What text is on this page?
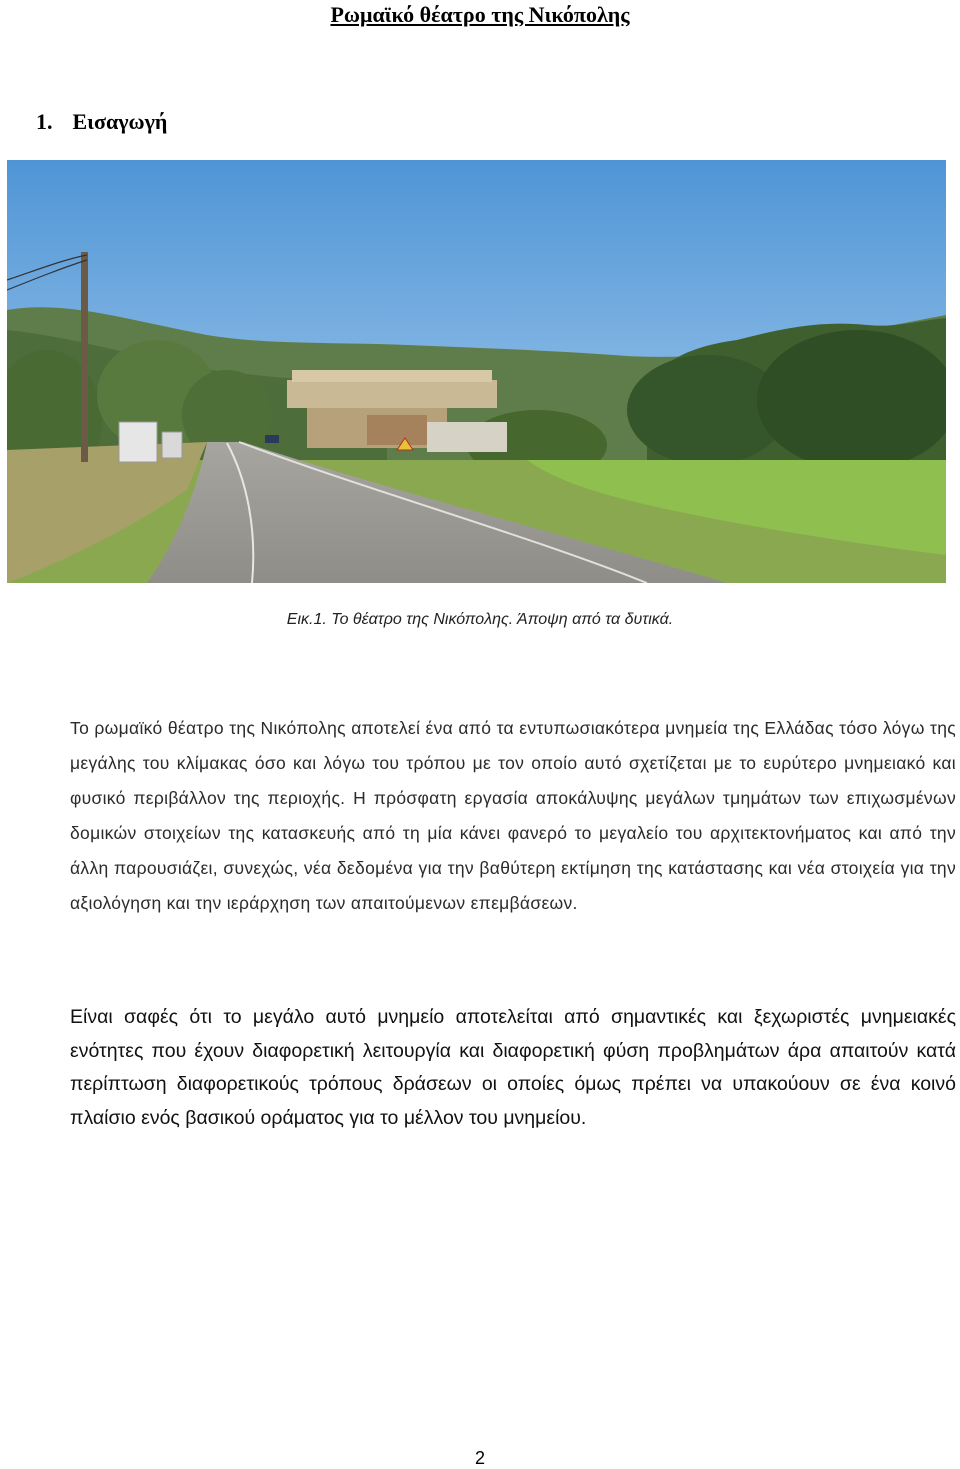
Ρωμαϊκό θέατρο της Νικόπολης
1. Εισαγωγή
Εικ.1. Το θέατρο της Νικόπολης. Άποψη από τα δυτικά.
Το ρωμαϊκό θέατρο της Νικόπολης αποτελεί ένα από τα εντυπωσιακότερα μνημεία της Ελλάδας τόσο λόγω της μεγάλης του κλίμακας όσο και λόγω του τρόπου με τον οποίο αυτό σχετίζεται με το ευρύτερο μνημειακό και φυσικό περιβάλλον της περιοχής. Η πρόσφατη εργασία αποκάλυψης μεγάλων τμημάτων των επιχωσμένων δομικών στοιχείων της κατασκευής από τη μία κάνει φανερό το μεγαλείο του αρχιτεκτονήματος και από την άλλη παρουσιάζει, συνεχώς, νέα δεδομένα για την βαθύτερη εκτίμηση της κατάστασης και νέα στοιχεία για την αξιολόγηση και την ιεράρχηση των απαιτούμενων επεμβάσεων.
Είναι σαφές ότι το μεγάλο αυτό μνημείο αποτελείται από σημαντικές και ξεχωριστές μνημειακές ενότητες που έχουν διαφορετική λειτουργία και διαφορετική φύση προβλημάτων άρα απαιτούν κατά περίπτωση διαφορετικούς τρόπους δράσεων οι οποίες όμως πρέπει να υπακούουν σε ένα κοινό πλαίσιο ενός βασικού οράματος για το μέλλον του μνημείου.
2
